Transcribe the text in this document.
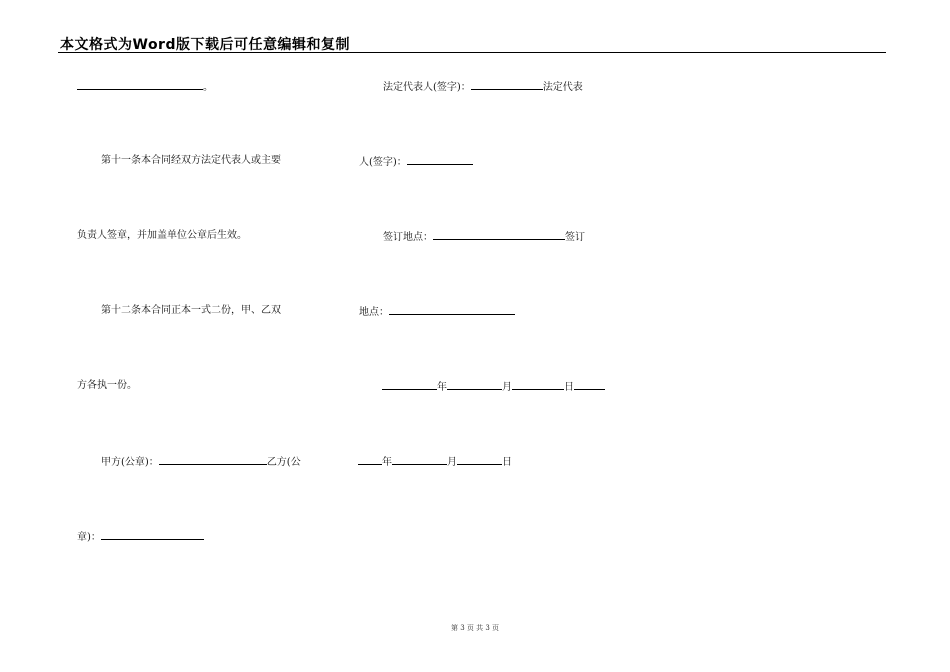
本文格式为Word版下载后可任意编辑和复制
。
第十一条本合同经双方法定代表人或主要
负责人签章，并加盖单位公章后生效。
第十二条本合同正本一式二份，甲、乙双
方各执一份。
甲方(公章)：	乙方(公
章)：
法定代表人(签字)：	法定代表
人(签字)：
签订地点：	签订
地点：
年	月	日
年	月	日
第 3 页 共 3 页
